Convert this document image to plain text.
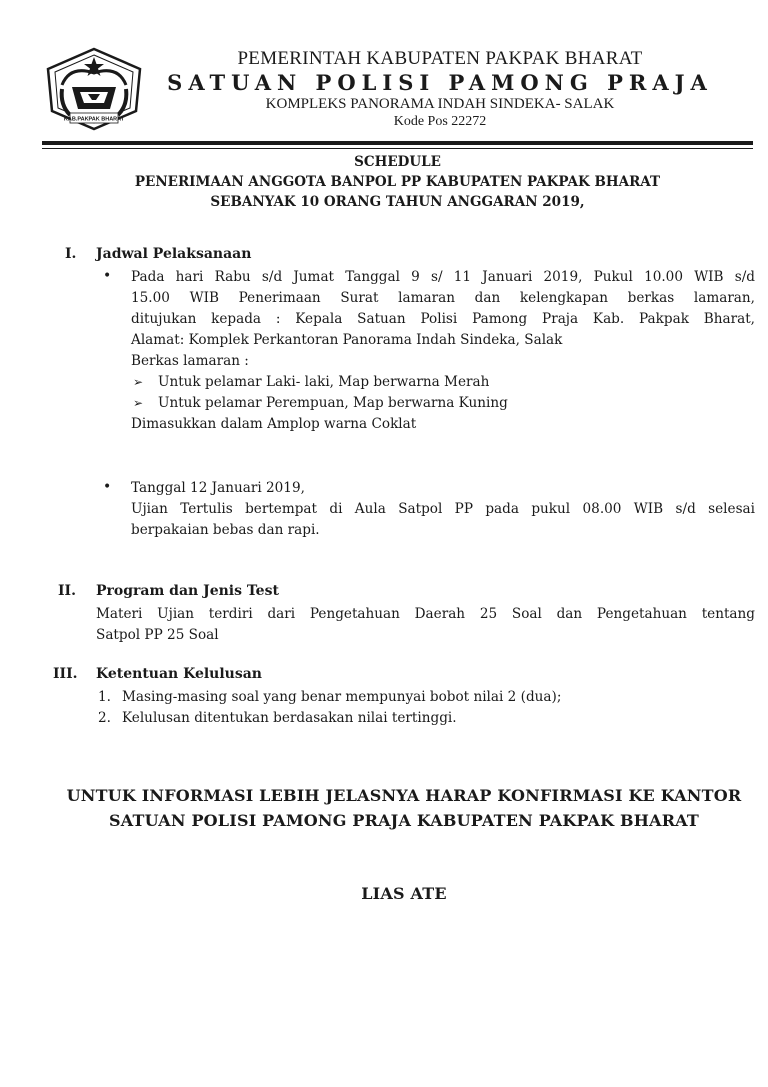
KAB.PAKPAK BHARAT
PEMERINTAH KABUPATEN PAKPAK BHARAT
SATUAN POLISI PAMONG PRAJA
KOMPLEKS PANORAMA INDAH SINDEKA- SALAK
Kode Pos 22272
SCHEDULE
PENERIMAAN ANGGOTA BANPOL PP KABUPATEN PAKPAK BHARAT
SEBANYAK 10 ORANG TAHUN ANGGARAN 2019,
I. Jadwal Pelaksanaan
• Pada hari Rabu s/d Jumat Tanggal 9 s/ 11 Januari 2019, Pukul 10.00 WIB s/d
15.00 WIB Penerimaan Surat lamaran dan kelengkapan berkas lamaran,
ditujukan kepada : Kepala Satuan Polisi Pamong Praja Kab. Pakpak Bharat,
Alamat: Komplek Perkantoran Panorama Indah Sindeka, Salak
Berkas lamaran :
➢ Untuk pelamar Laki- laki, Map berwarna Merah
➢ Untuk pelamar Perempuan, Map berwarna Kuning
Dimasukkan dalam Amplop warna Coklat
• Tanggal 12 Januari 2019,
Ujian Tertulis bertempat di Aula Satpol PP pada pukul 08.00 WIB s/d selesai
berpakaian bebas dan rapi.
II. Program dan Jenis Test
Materi Ujian terdiri dari Pengetahuan Daerah 25 Soal dan Pengetahuan tentang
Satpol PP 25 Soal
III. Ketentuan Kelulusan
1. Masing-masing soal yang benar mempunyai bobot nilai 2 (dua);
2. Kelulusan ditentukan berdasakan nilai tertinggi.
UNTUK INFORMASI LEBIH JELASNYA HARAP KONFIRMASI KE KANTOR
SATUAN POLISI PAMONG PRAJA KABUPATEN PAKPAK BHARAT
LIAS ATE
